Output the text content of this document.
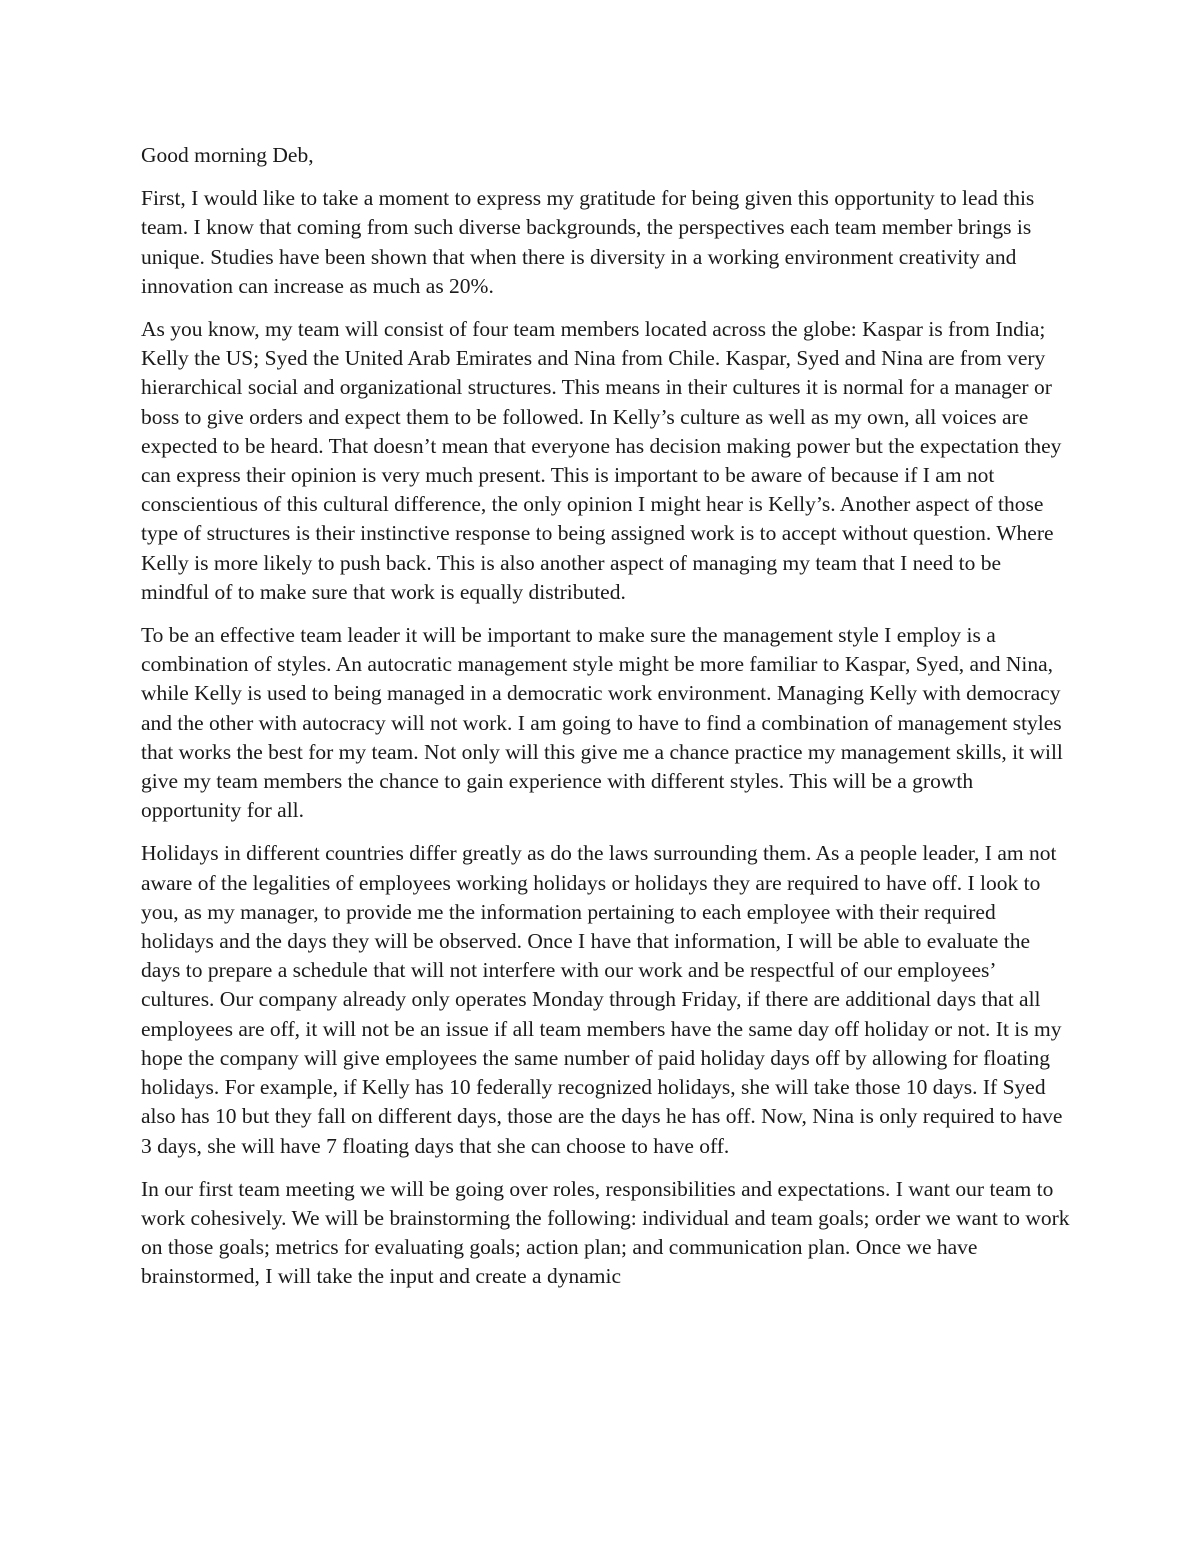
Good morning Deb,

First, I would like to take a moment to express my gratitude for being given this opportunity to lead this team. I know that coming from such diverse backgrounds, the perspectives each team member brings is unique. Studies have been shown that when there is diversity in a working environment creativity and innovation can increase as much as 20%.

As you know, my team will consist of four team members located across the globe: Kaspar is from India; Kelly the US; Syed the United Arab Emirates and Nina from Chile. Kaspar, Syed and Nina are from very hierarchical social and organizational structures. This means in their cultures it is normal for a manager or boss to give orders and expect them to be followed. In Kelly’s culture as well as my own, all voices are expected to be heard. That doesn’t mean that everyone has decision making power but the expectation they can express their opinion is very much present. This is important to be aware of because if I am not conscientious of this cultural difference, the only opinion I might hear is Kelly’s. Another aspect of those type of structures is their instinctive response to being assigned work is to accept without question. Where Kelly is more likely to push back. This is also another aspect of managing my team that I need to be mindful of to make sure that work is equally distributed.

To be an effective team leader it will be important to make sure the management style I employ is a combination of styles. An autocratic management style might be more familiar to Kaspar, Syed, and Nina, while Kelly is used to being managed in a democratic work environment. Managing Kelly with democracy and the other with autocracy will not work. I am going to have to find a combination of management styles that works the best for my team. Not only will this give me a chance practice my management skills, it will give my team members the chance to gain experience with different styles. This will be a growth opportunity for all.

Holidays in different countries differ greatly as do the laws surrounding them. As a people leader, I am not aware of the legalities of employees working holidays or holidays they are required to have off. I look to you, as my manager, to provide me the information pertaining to each employee with their required holidays and the days they will be observed. Once I have that information, I will be able to evaluate the days to prepare a schedule that will not interfere with our work and be respectful of our employees’ cultures. Our company already only operates Monday through Friday, if there are additional days that all employees are off, it will not be an issue if all team members have the same day off holiday or not. It is my hope the company will give employees the same number of paid holiday days off by allowing for floating holidays. For example, if Kelly has 10 federally recognized holidays, she will take those 10 days. If Syed also has 10 but they fall on different days, those are the days he has off. Now, Nina is only required to have 3 days, she will have 7 floating days that she can choose to have off.

In our first team meeting we will be going over roles, responsibilities and expectations. I want our team to work cohesively. We will be brainstorming the following: individual and team goals; order we want to work on those goals; metrics for evaluating goals; action plan; and communication plan. Once we have brainstormed, I will take the input and create a dynamic
